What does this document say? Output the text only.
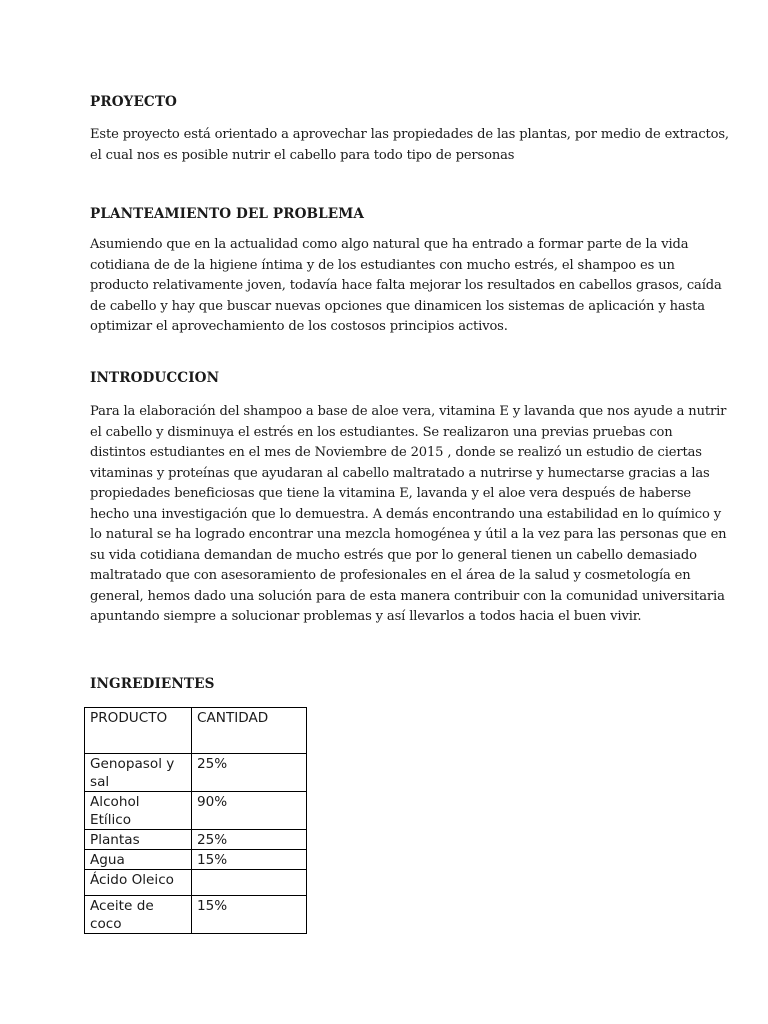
PROYECTO

Este proyecto está orientado a aprovechar las propiedades de las plantas, por medio de extractos,
el cual nos es posible nutrir el cabello para todo tipo de personas

PLANTEAMIENTO DEL PROBLEMA

Asumiendo que en la actualidad como algo natural que ha entrado a formar parte de la vida
cotidiana de de la higiene íntima y de los estudiantes con mucho estrés, el shampoo es un
producto relativamente joven, todavía hace falta mejorar los resultados en cabellos grasos, caída
de cabello y hay que buscar nuevas opciones que dinamicen los sistemas de aplicación y hasta
optimizar el aprovechamiento de los costosos principios activos.

INTRODUCCION

Para la elaboración del shampoo a base de aloe vera, vitamina E y lavanda que nos ayude a nutrir
el cabello y disminuya el estrés en los estudiantes. Se realizaron una previas pruebas con
distintos estudiantes en el mes de Noviembre de 2015 , donde se realizó un estudio de ciertas
vitaminas y proteínas que ayudaran al cabello maltratado a nutrirse y humectarse gracias a las
propiedades beneficiosas que tiene la vitamina E, lavanda y el aloe vera después de haberse
hecho una investigación que lo demuestra. A demás encontrando una estabilidad en lo químico y
lo natural se ha logrado encontrar una mezcla homogénea y útil a la vez para las personas que en
su vida cotidiana demandan de mucho estrés que por lo general tienen un cabello demasiado
maltratado que con asesoramiento de profesionales en el área de la salud y cosmetología en
general, hemos dado una solución para de esta manera contribuir con la comunidad universitaria
apuntando siempre a solucionar problemas y así llevarlos a todos hacia el buen vivir.

INGREDIENTES
PRODUCTO	CANTIDAD

Genopasol y
sal	25%

Alcohol
Etílico	90%

Plantas	25%

Agua	15%

Ácido Oleico	

Aceite de
coco	15%
